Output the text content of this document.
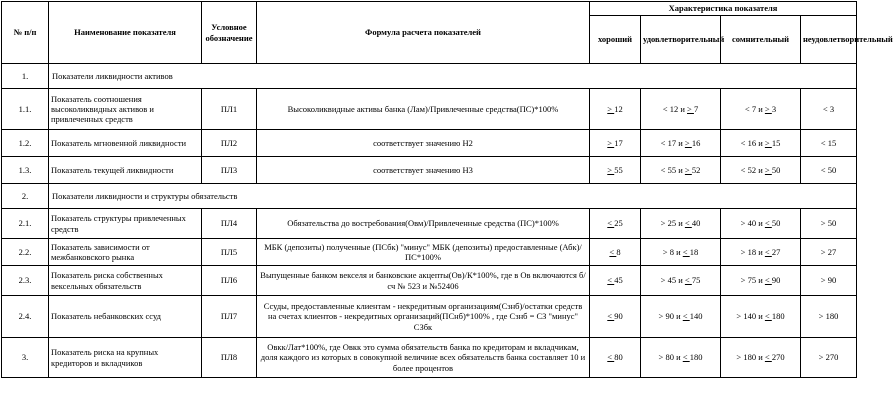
№ п/п	Наименование показателя	Условное обозначение	Формула расчета показателей	Характеристика показателя			
				хороший	удовлетворительный	сомнительный	неудовлетворительный
1.	Показатели ликвидности активов						
1.1.	Показатель соотношения высоколиквидных активов и привлеченных средств	ПЛ1	Высоколиквидные активы банка (Лам)/Привлеченные средства(ПС)*100%	> 12	< 12 и > 7	< 7 и > 3	< 3
1.2.	Показатель мгновенной ликвидности	ПЛ2	соответствует значению Н2	> 17	< 17 и > 16	< 16 и > 15	< 15
1.3.	Показатель текущей ликвидности	ПЛ3	соответствует значению Н3	> 55	< 55 и > 52	< 52 и > 50	< 50
2.	Показатели ликвидности и структуры обязательств						
2.1.	Показатель структуры привлеченных средств	ПЛ4	Обязательства до востребования(Овм)/Привлеченные средства (ПС)*100%	< 25	> 25 и < 40	> 40 и < 50	> 50
2.2.	Показатель зависимости от межбанковского рынка	ПЛ5	МБК (депозиты) полученные (ПСбк) "минус" МБК (депозиты) предоставленные (Абк)/ПС*100%	< 8	> 8 и < 18	> 18 и < 27	> 27
2.3.	Показатель риска собственных вексельных обязательств	ПЛ6	Выпущенные банком векселя и банковские акцепты(Ов)/К*100%, где в Ов включаются б/сч № 523 и №52406	< 45	> 45 и < 75	> 75 и < 90	> 90
2.4.	Показатель небанковских ссуд	ПЛ7	Ссуды, предоставленные клиентам - некредитным организациям(Сзнб)/остатки средств на счетах клиентов - некредитных организаций(ПСнб)*100% , где Сзнб = СЗ "минус" СЗбк	< 90	> 90 и < 140	> 140 и < 180	> 180
3.	Показатель риска на крупных кредиторов и вкладчиков	ПЛ8	Овкк/Лат*100%, где Овкк это сумма обязательств банка по кредиторам и вкладчикам, доля каждого из которых в совокупной величине всех обязательств банка составляет 10 и более процентов	< 80	> 80 и < 180	> 180 и < 270	> 270
